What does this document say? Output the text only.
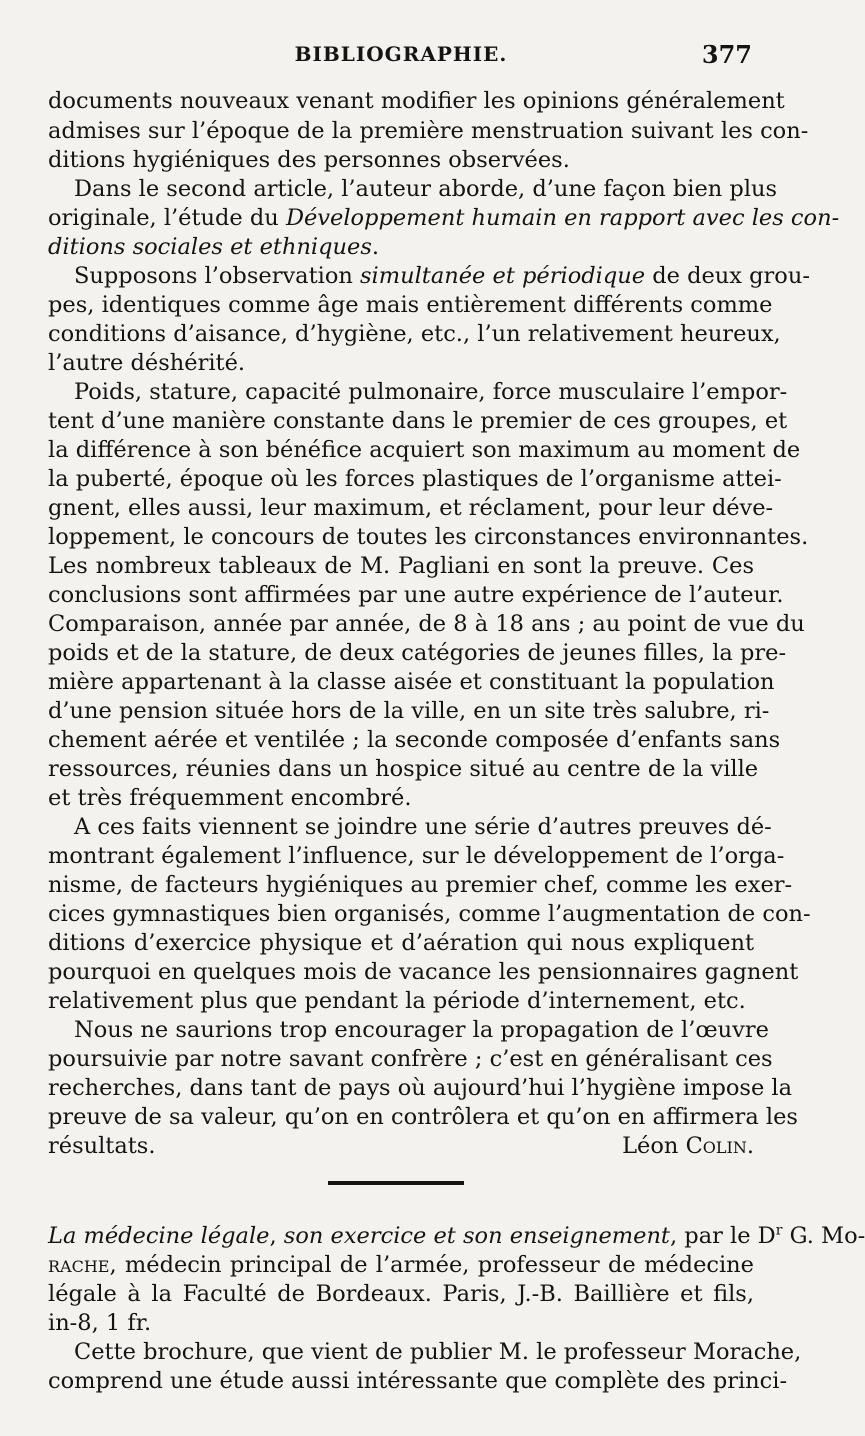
BIBLIOGRAPHIE.	377
documents nouveaux venant modifier les opinions généralement
admises sur l’époque de la première menstruation suivant les con-
ditions hygiéniques des personnes observées.
Dans le second article, l’auteur aborde, d’une façon bien plus
originale, l’étude du Développement humain en rapport avec les con-
ditions sociales et ethniques.
Supposons l’observation simultanée et périodique de deux grou-
pes, identiques comme âge mais entièrement différents comme
conditions d’aisance, d’hygiène, etc., l’un relativement heureux,
l’autre déshérité.
Poids, stature, capacité pulmonaire, force musculaire l’empor-
tent d’une manière constante dans le premier de ces groupes, et
la différence à son bénéfice acquiert son maximum au moment de
la puberté, époque où les forces plastiques de l’organisme attei-
gnent, elles aussi, leur maximum, et réclament, pour leur déve-
loppement, le concours de toutes les circonstances environnantes.
Les nombreux tableaux de M. Pagliani en sont la preuve. Ces
conclusions sont affirmées par une autre expérience de l’auteur.
Comparaison, année par année, de 8 à 18 ans ; au point de vue du
poids et de la stature, de deux catégories de jeunes filles, la pre-
mière appartenant à la classe aisée et constituant la population
d’une pension située hors de la ville, en un site très salubre, ri-
chement aérée et ventilée ; la seconde composée d’enfants sans
ressources, réunies dans un hospice situé au centre de la ville
et très fréquemment encombré.
A ces faits viennent se joindre une série d’autres preuves dé-
montrant également l’influence, sur le développement de l’orga-
nisme, de facteurs hygiéniques au premier chef, comme les exer-
cices gymnastiques bien organisés, comme l’augmentation de con-
ditions d’exercice physique et d’aération qui nous expliquent
pourquoi en quelques mois de vacance les pensionnaires gagnent
relativement plus que pendant la période d’internement, etc.
Nous ne saurions trop encourager la propagation de l’œuvre
poursuivie par notre savant confrère ; c’est en généralisant ces
recherches, dans tant de pays où aujourd’hui l’hygiène impose la
preuve de sa valeur, qu’on en contrôlera et qu’on en affirmera les
résultats.	Léon Colin.
La médecine légale, son exercice et son enseignement, par le $D^r$ G. Mo-
rache, médecin principal de l’armée, professeur de médecine
légale à la Faculté de Bordeaux. Paris, J.-B. Baillière et fils,
in-8, 1 fr.
Cette brochure, que vient de publier M. le professeur Morache,
comprend une étude aussi intéressante que complète des princi-
